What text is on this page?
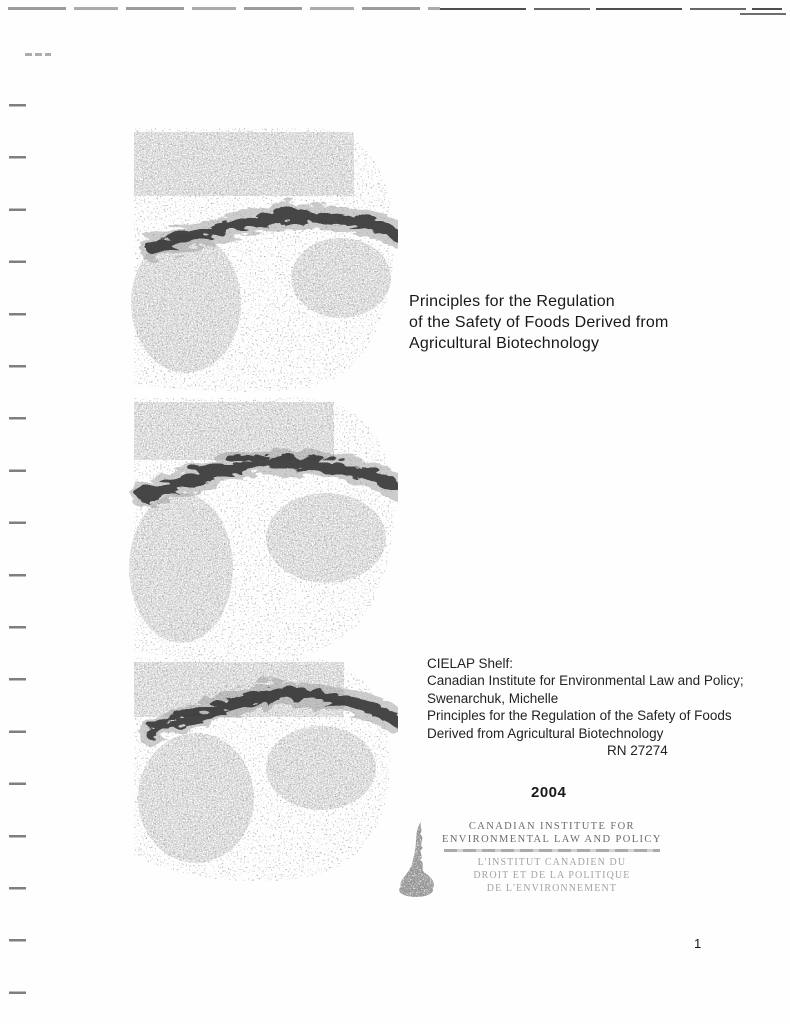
Principles for the Regulation
of the Safety of Foods Derived from
Agricultural Biotechnology
CIELAP Shelf:
Canadian Institute for Environmental Law and Policy;
Swenarchuk, Michelle
Principles for the Regulation of the Safety of Foods
Derived from Agricultural Biotechnology
RN 27274
2004
CANADIAN INSTITUTE FOR
ENVIRONMENTAL LAW AND POLICY
L'INSTITUT CANADIEN DU
DROIT ET DE LA POLITIQUE
DE L'ENVIRONNEMENT
1
